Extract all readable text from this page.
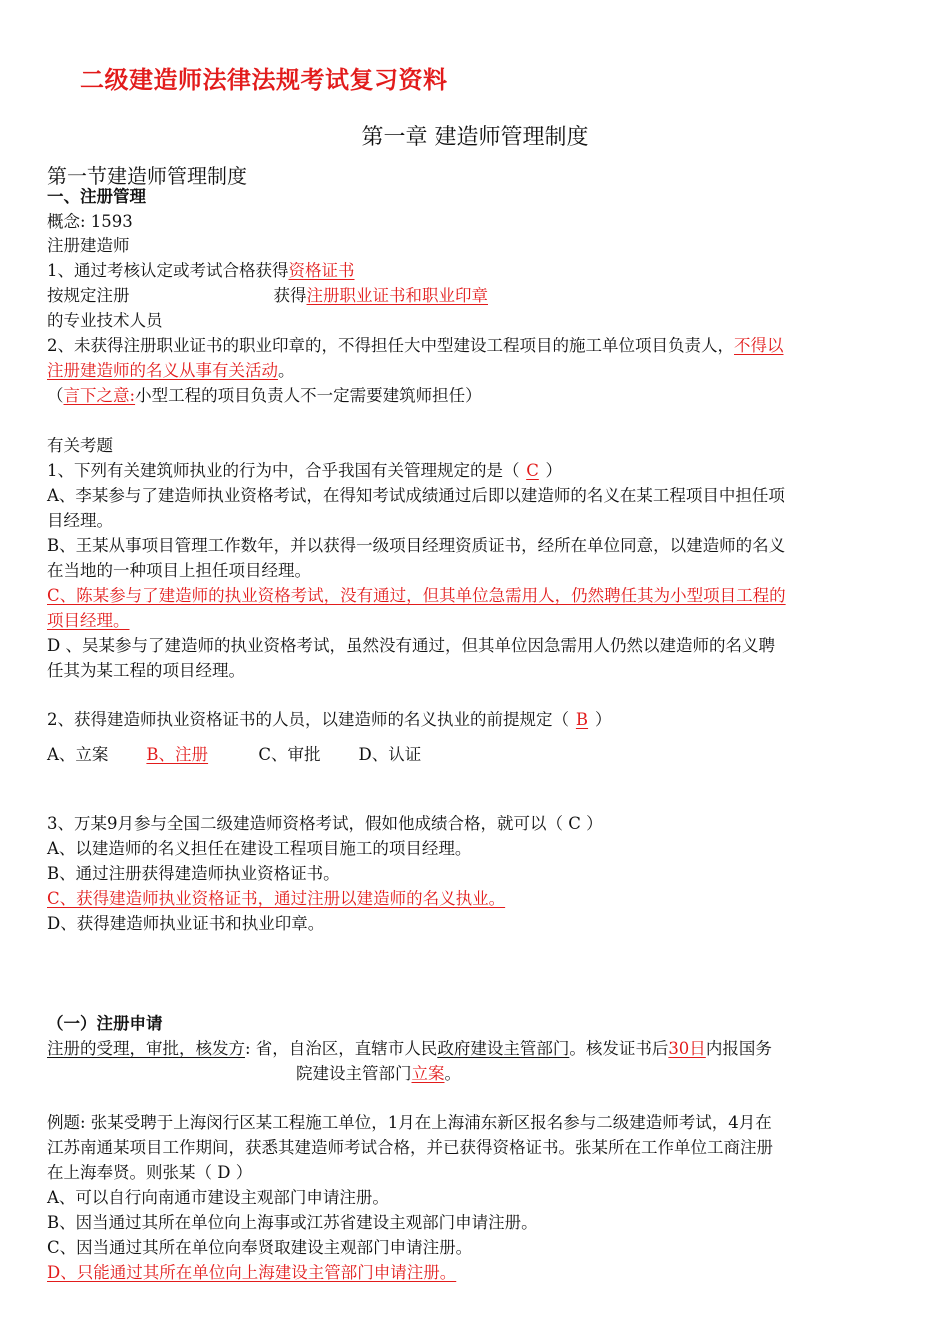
二级建造师法律法规考试复习资料
第一章 建造师管理制度
第一节建造师管理制度
一、注册管理
概念: 1593
注册建造师
1、通过考核认定或考试合格获得资格证书
按规定注册	获得注册职业证书和职业印章
的专业技术人员
2、未获得注册职业证书的职业印章的，不得担任大中型建设工程项目的施工单位项目负责人，不得以
注册建造师的名义从事有关活动。
（言下之意:小型工程的项目负责人不一定需要建筑师担任）
有关考题
1、下列有关建筑师执业的行为中，合乎我国有关管理规定的是（ C ）
A、李某参与了建造师执业资格考试，在得知考试成绩通过后即以建造师的名义在某工程项目中担任项
目经理。
B、王某从事项目管理工作数年，并以获得一级项目经理资质证书，经所在单位同意，以建造师的名义
在当地的一种项目上担任项目经理。
C、陈某参与了建造师的执业资格考试，没有通过，但其单位急需用人，仍然聘任其为小型项目工程的
项目经理。
D 、吴某参与了建造师的执业资格考试，虽然没有通过，但其单位因急需用人仍然以建造师的名义聘
任其为某工程的项目经理。
2、获得建造师执业资格证书的人员，以建造师的名义执业的前提规定（ B ）
A、立案 B、注册	C、审批 D、认证
3、万某9月参与全国二级建造师资格考试，假如他成绩合格，就可以（ C ）
A、以建造师的名义担任在建设工程项目施工的项目经理。
B、通过注册获得建造师执业资格证书。
C、获得建造师执业资格证书，通过注册以建造师的名义执业。
D、获得建造师执业证书和执业印章。
（一）注册申请
注册的受理，审批，核发方: 省，自治区，直辖市人民政府建设主管部门。核发证书后30日内报国务
院建设主管部门立案。
例题: 张某受聘于上海闵行区某工程施工单位，1月在上海浦东新区报名参与二级建造师考试，4月在
江苏南通某项目工作期间，获悉其建造师考试合格，并已获得资格证书。张某所在工作单位工商注册
在上海奉贤。则张某（ D ）
A、可以自行向南通市建设主观部门申请注册。
B、因当通过其所在单位向上海事或江苏省建设主观部门申请注册。
C、因当通过其所在单位向奉贤取建设主观部门申请注册。
D、只能通过其所在单位向上海建设主管部门申请注册。
